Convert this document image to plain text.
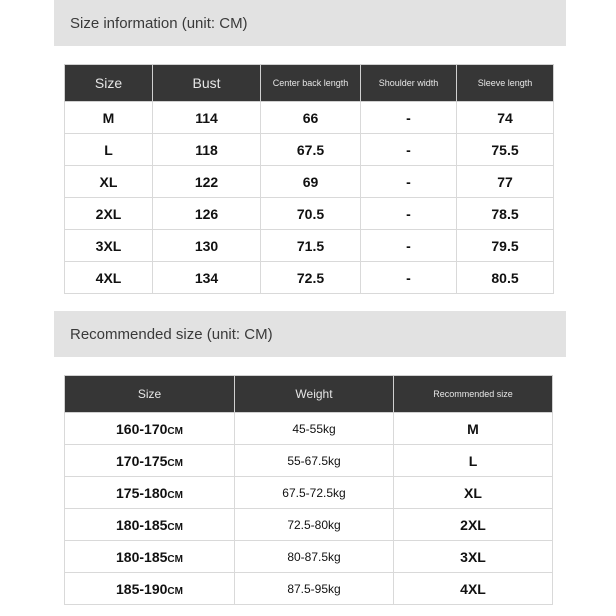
Size information (unit: CM)
Size	Bust	Center back length	Shoulder width	Sleeve length
M	114	66	-	74
L	118	67.5	-	75.5
XL	122	69	-	77
2XL	126	70.5	-	78.5
3XL	130	71.5	-	79.5
4XL	134	72.5	-	80.5
Recommended size (unit: CM)
Size	Weight	Recommended size
160-170CM	45-55kg	M
170-175CM	55-67.5kg	L
175-180CM	67.5-72.5kg	XL
180-185CM	72.5-80kg	2XL
180-185CM	80-87.5kg	3XL
185-190CM	87.5-95kg	4XL
